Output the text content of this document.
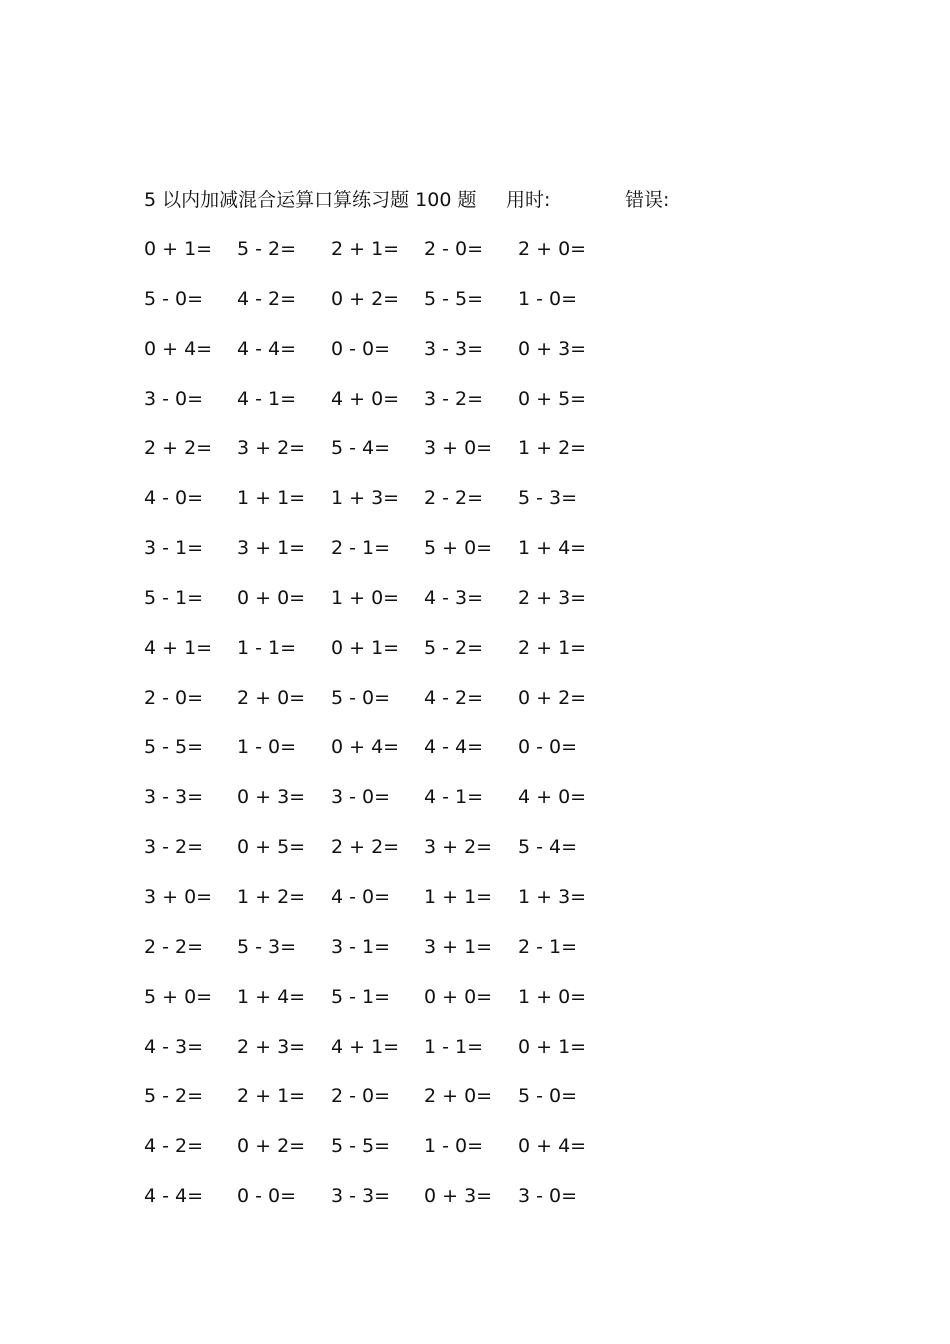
5 以内加减混合运算口算练习题 100 题 用时:	错误:
0 + 1= 5 - 2= 2 + 1= 2 - 0= 2 + 0=
5 - 0= 4 - 2= 0 + 2= 5 - 5= 1 - 0=
0 + 4= 4 - 4= 0 - 0= 3 - 3= 0 + 3=
3 - 0= 4 - 1= 4 + 0= 3 - 2= 0 + 5=
2 + 2= 3 + 2= 5 - 4= 3 + 0= 1 + 2=
4 - 0= 1 + 1= 1 + 3= 2 - 2= 5 - 3=
3 - 1= 3 + 1= 2 - 1= 5 + 0= 1 + 4=
5 - 1= 0 + 0= 1 + 0= 4 - 3= 2 + 3=
4 + 1= 1 - 1= 0 + 1= 5 - 2= 2 + 1=
2 - 0= 2 + 0= 5 - 0= 4 - 2= 0 + 2=
5 - 5= 1 - 0= 0 + 4= 4 - 4= 0 - 0=
3 - 3= 0 + 3= 3 - 0= 4 - 1= 4 + 0=
3 - 2= 0 + 5= 2 + 2= 3 + 2= 5 - 4=
3 + 0= 1 + 2= 4 - 0= 1 + 1= 1 + 3=
2 - 2= 5 - 3= 3 - 1= 3 + 1= 2 - 1=
5 + 0= 1 + 4= 5 - 1= 0 + 0= 1 + 0=
4 - 3= 2 + 3= 4 + 1= 1 - 1= 0 + 1=
5 - 2= 2 + 1= 2 - 0= 2 + 0= 5 - 0=
4 - 2= 0 + 2= 5 - 5= 1 - 0= 0 + 4=
4 - 4= 0 - 0= 3 - 3= 0 + 3= 3 - 0=
